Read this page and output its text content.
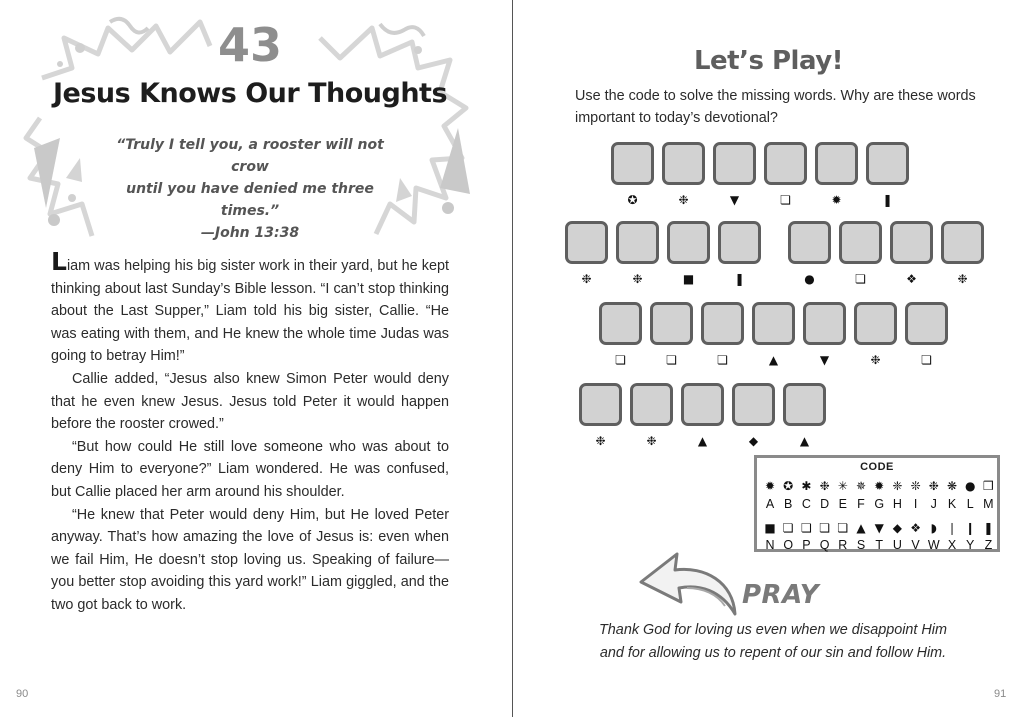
43
Jesus Knows Our Thoughts
“Truly I tell you, a rooster will not crow
until you have denied me three times.”
—John 13:38

Liam was helping his big sister work in their yard, but he kept thinking about last Sunday’s Bible lesson. “I can’t stop thinking about the Last Supper,” Liam told his big sister, Callie. “He was eating with them, and He knew the whole time Judas was going to betray Him!”

Callie added, “Jesus also knew Simon Peter would deny that he even knew Jesus. Jesus told Peter it would happen before the rooster crowed.”

“But how could He still love someone who was about to deny Him to everyone?” Liam wondered. He was confused, but Callie placed her arm around his shoulder.

“He knew that Peter would deny Him, but He loved Peter anyway. That’s how amazing the love of Jesus is: even when we fail Him, He doesn’t stop loving us. Speaking of failure—you better stop avoiding this yard work!” Liam giggled, and the two got back to work.

90
Let’s Play!
Use the code to solve the missing words. Why are these words important to today’s devotional?
✪	❉	▼	❏	✹	❚
❉	❉	■	❚	●	❏	❖	❉
❏	❏	❏	▲	▼	❉	❏
❉	❉	▲	◆	▲
CODE
✹ ✪ ✱ ❉ ✳ ✵ ✹ ❈ ❊ ❉ ❋ ● ❒
A B C D E F G H I	J K L M
■ ❏ ❏ ❏ ❏ ▲ ▼ ◆ ❖ ◗ ❘ ❙ ❚
N O P Q R S T U V W X Y Z
PRAY
Thank God for loving us even when we disappoint Him
and for allowing us to repent of our sin and follow Him.
91
